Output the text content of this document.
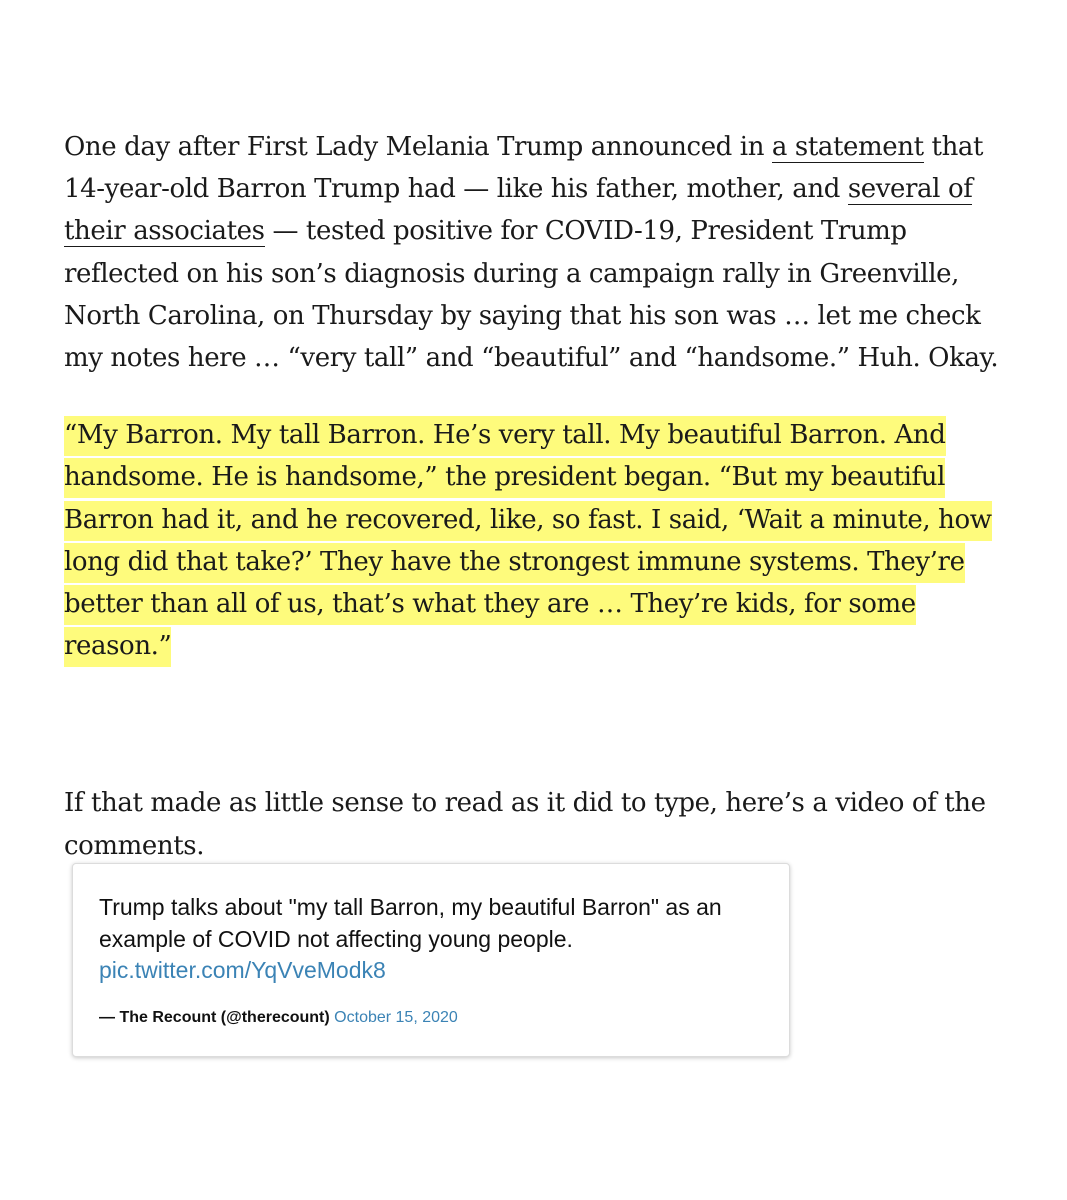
One day after First Lady Melania Trump announced in a statement that 14-year-old Barron Trump had — like his father, mother, and several of their associates — tested positive for COVID-19, President Trump reflected on his son’s diagnosis during a campaign rally in Greenville, North Carolina, on Thursday by saying that his son was … let me check my notes here … “very tall” and “beautiful” and “handsome.” Huh. Okay.

“My Barron. My tall Barron. He’s very tall. My beautiful Barron. And handsome. He is handsome,” the president began. “But my beautiful Barron had it, and he recovered, like, so fast. I said, ‘Wait a minute, how long did that take?’ They have the strongest immune systems. They’re better than all of us, that’s what they are … They’re kids, for some reason.”

If that made as little sense to read as it did to type, here’s a video of the comments.

Trump talks about "my tall Barron, my beautiful Barron" as an example of COVID not affecting young people. pic.twitter.com/YqVveModk8

— The Recount (@therecount) October 15, 2020
